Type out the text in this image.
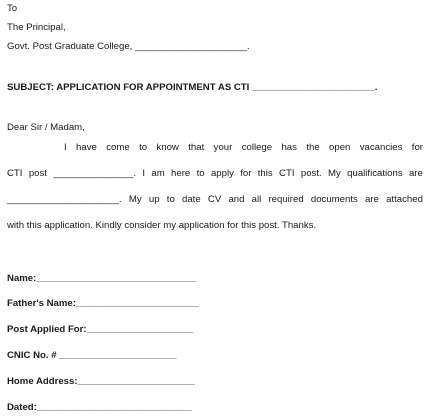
To
The Principal,
Govt. Post Graduate College, _____________________.
SUBJECT: APPLICATION FOR APPOINTMENT AS CTI _______________________.
Dear Sir / Madam,
I have come to know that your college has the open vacancies for
CTI post _______________. I am here to apply for this CTI post. My qualifications are
_____________________. My up to date CV and all required documents are attached
with this application. Kindly consider my application for this post. Thanks.
Name:______________________________
Father's Name:_______________________
Post Applied For:____________________
CNIC No. # ______________________
Home Address:______________________
Dated:_____________________________
